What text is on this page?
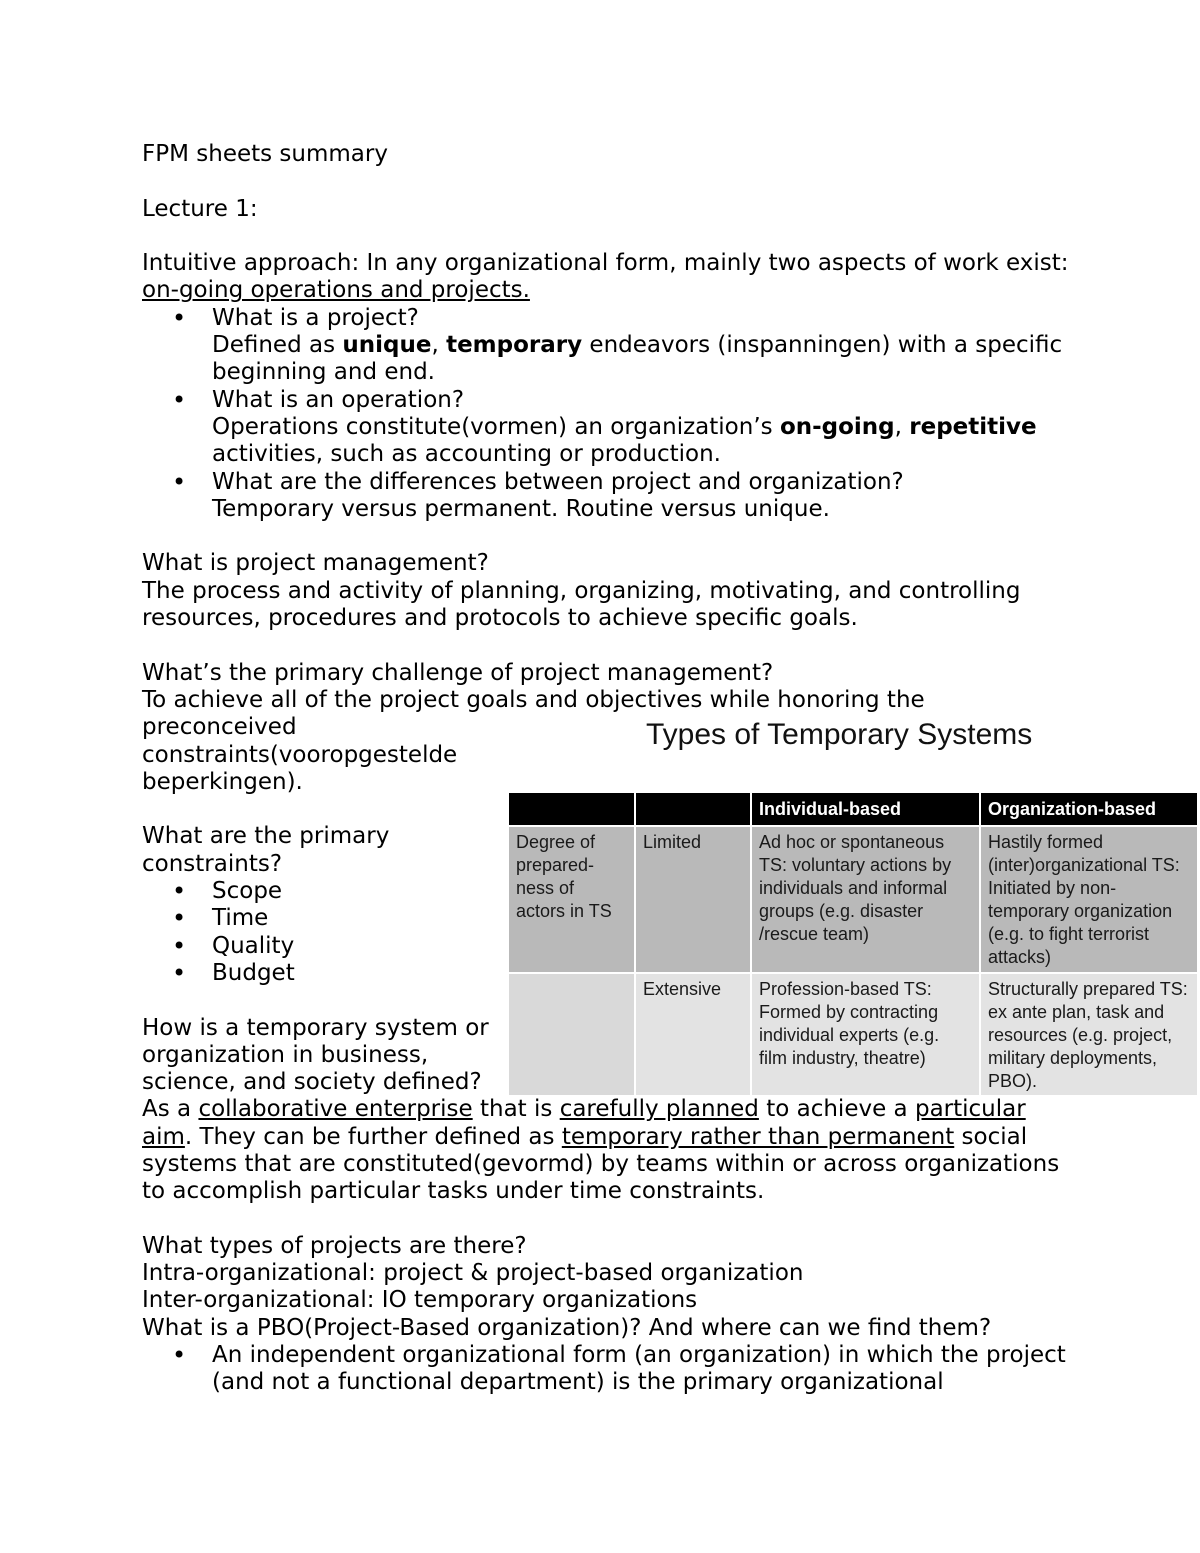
FPM sheets summary

Lecture 1:

Intuitive approach: In any organizational form, mainly two aspects of work exist: on-going operations and projects.

• What is a project?
Defined as unique, temporary endeavors (inspanningen) with a specific beginning and end.
• What is an operation?
Operations constitute(vormen) an organization’s on-going, repetitive activities, such as accounting or production.
• What are the differences between project and organization?
Temporary versus permanent. Routine versus unique.

What is project management?

The process and activity of planning, organizing, motivating, and controlling resources, procedures and protocols to achieve specific goals.

What’s the primary challenge of project management?

To achieve all of the project goals and objectives while honoring the

preconceived constraints(vooropgestelde beperkingen).

What are the primary constraints?

• Scope
• Time
• Quality
• Budget

How is a temporary system or organization in business, science, and society defined?

As a collaborative enterprise that is carefully planned to achieve a particular aim. They can be further defined as temporary rather than permanent social systems that are constituted(gevormd) by teams within or across organizations to accomplish particular tasks under time constraints.

What types of projects are there?

Intra-organizational: project & project-based organization

Inter-organizational: IO temporary organizations

What is a PBO(Project-Based organization)? And where can we find them?

• An independent organizational form (an organization) in which the project (and not a functional department) is the primary organizational
Types of Temporary Systems
		Individual-based	Organization-based
Degree of prepared-ness of actors in TS	Limited	Ad hoc or spontaneous TS: voluntary actions by individuals and informal groups (e.g. disaster /rescue team)	Hastily formed (inter)organizational TS: Initiated by non-temporary organization (e.g. to fight terrorist attacks)
	Extensive	Profession-based TS: Formed by contracting individual experts (e.g. film industry, theatre)	Structurally prepared TS: ex ante plan, task and resources (e.g. project, military deployments, PBO).
